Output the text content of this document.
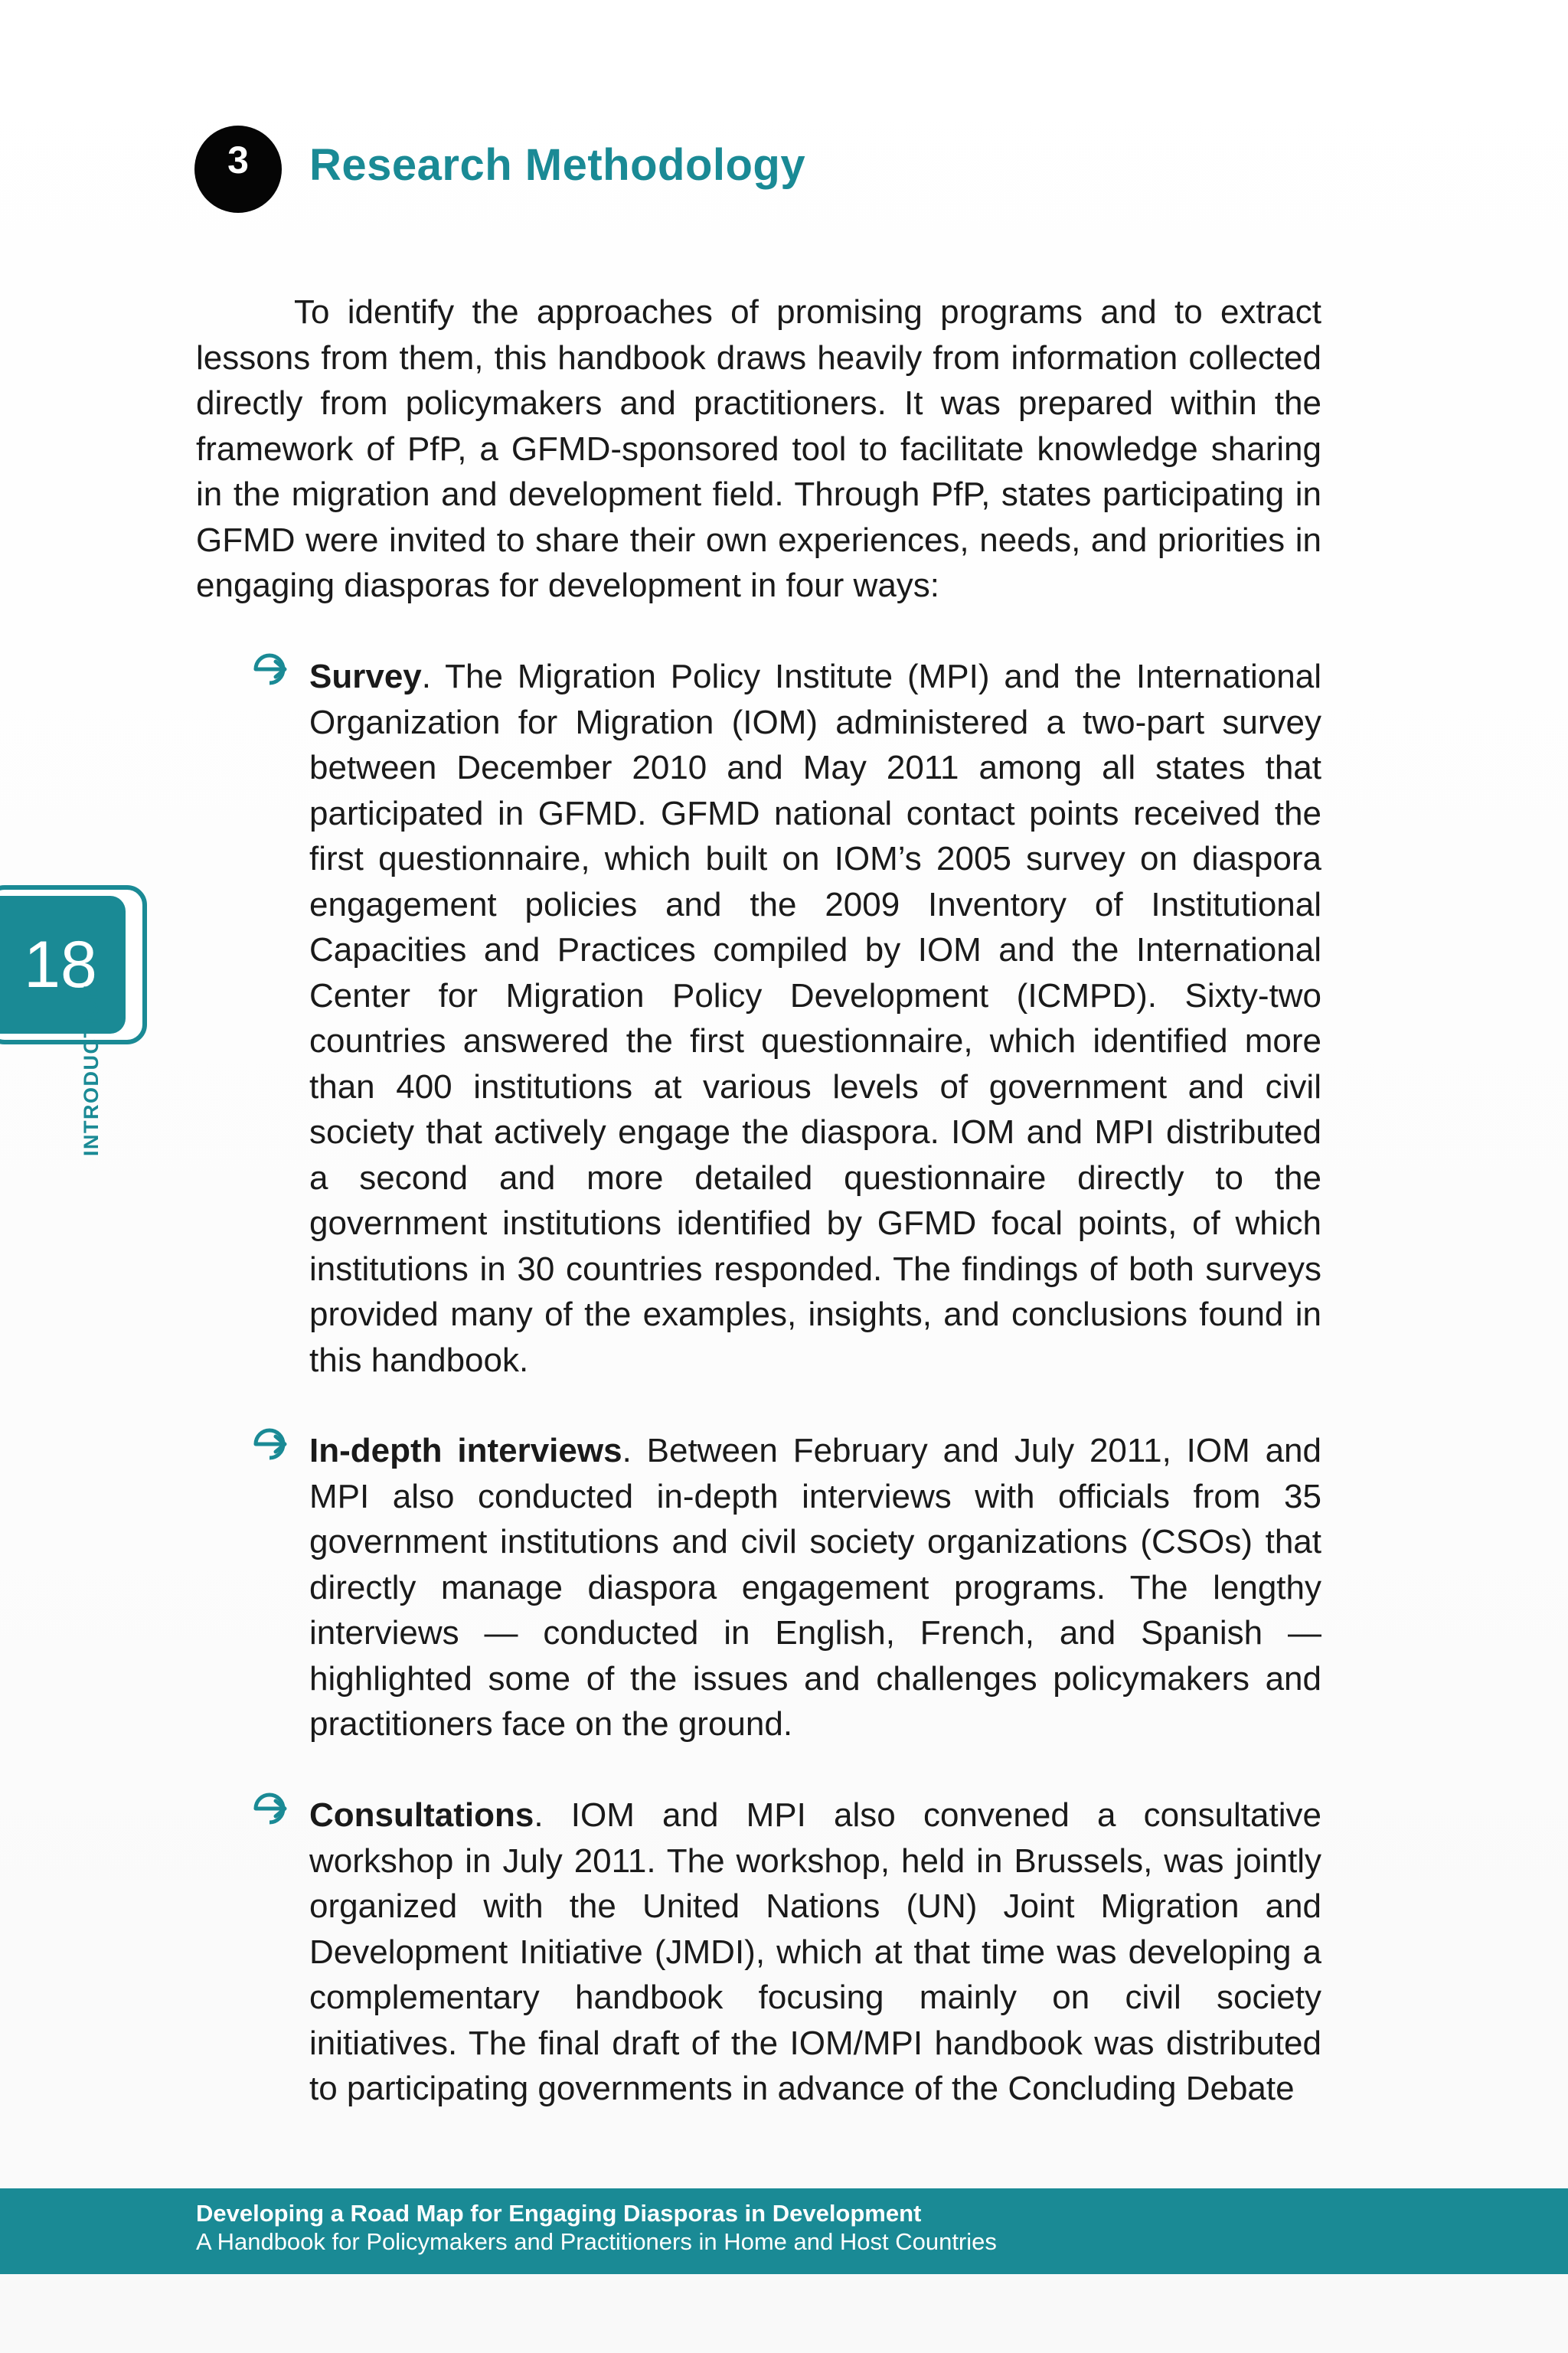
3	Research Methodology

To identify the approaches of promising programs and to extract lessons from them, this handbook draws heavily from information collected directly from policymakers and practitioners. It was prepared within the framework of PfP, a GFMD-sponsored tool to facilitate knowledge sharing in the migration and development field. Through PfP, states participating in GFMD were invited to share their own experiences, needs, and priorities in engaging diasporas for development in four ways:

Survey. The Migration Policy Institute (MPI) and the International Organization for Migration (IOM) administered a two-part survey between December 2010 and May 2011 among all states that participated in GFMD. GFMD national contact points received the first questionnaire, which built on IOM’s 2005 survey on diaspora engagement policies and the 2009 Inventory of Institutional Capacities and Practices compiled by IOM and the International Center for Migration Policy Development (ICMPD). Sixty-two countries answered the first questionnaire, which identified more than 400 institutions at various levels of government and civil society that actively engage the diaspora. IOM and MPI distributed a second and more detailed questionnaire directly to the government institutions identified by GFMD focal points, of which institutions in 30 countries responded. The findings of both surveys provided many of the examples, insights, and conclusions found in this handbook.

In-depth interviews. Between February and July 2011, IOM and MPI also conducted in-depth interviews with officials from 35 government institutions and civil society organizations (CSOs) that directly manage diaspora engagement programs. The lengthy interviews — conducted in English, French, and Spanish — highlighted some of the issues and challenges policymakers and practitioners face on the ground.

Consultations. IOM and MPI also convened a consultative workshop in July 2011. The workshop, held in Brussels, was jointly organized with the United Nations (UN) Joint Migration and Development Initiative (JMDI), which at that time was developing a complementary handbook focusing mainly on civil society initiatives. The final draft of the IOM/MPI handbook was distributed to participating governments in advance of the Concluding Debate

18
INTRODUCTION
Developing a Road Map for Engaging Diasporas in Development
A Handbook for Policymakers and Practitioners in Home and Host Countries
